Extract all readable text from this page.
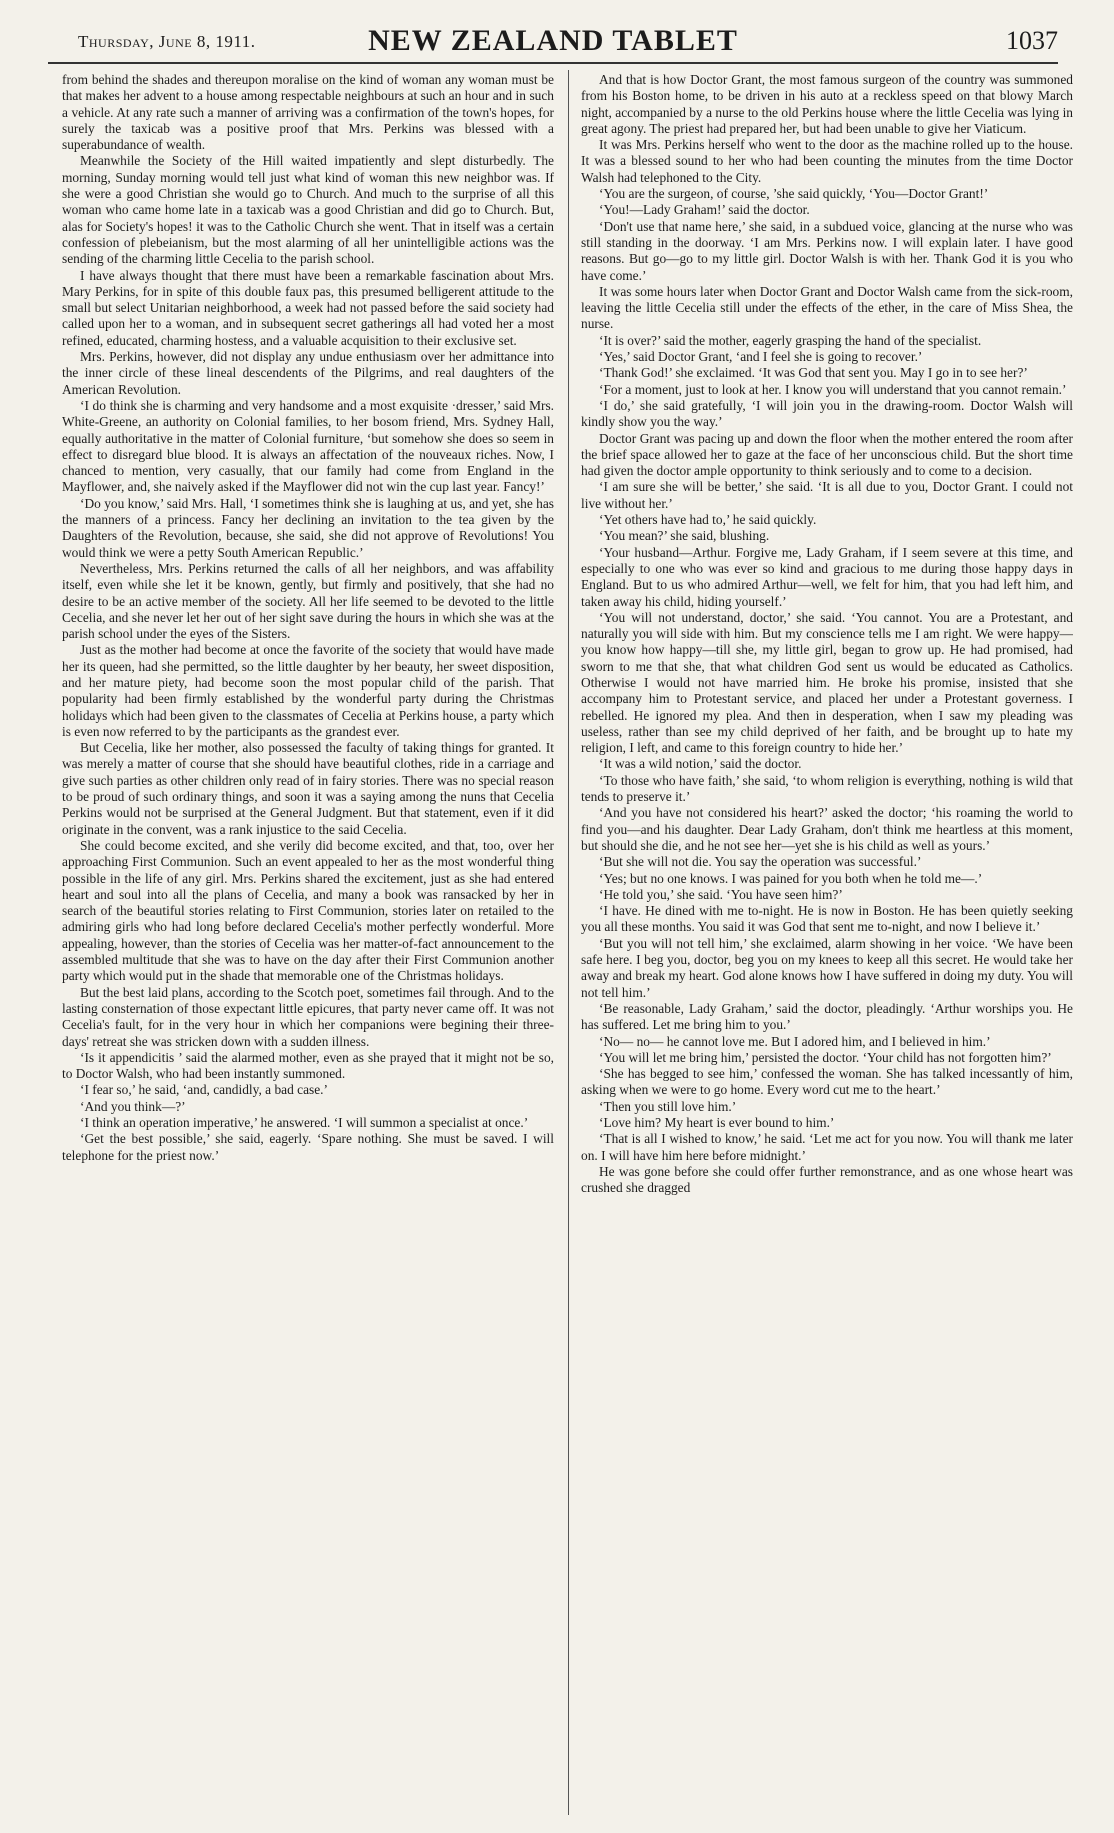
Thursday, June 8, 1911.	NEW ZEALAND TABLET	1037

from behind the shades and thereupon moralise on the kind of woman any woman must be that makes her advent to a house among respectable neighbours at such an hour and in such a vehicle. At any rate such a manner of arriving was a confirmation of the town's hopes, for surely the taxicab was a positive proof that Mrs. Perkins was blessed with a superabundance of wealth.

Meanwhile the Society of the Hill waited impatiently and slept disturbedly. The morning, Sunday morning would tell just what kind of woman this new neighbor was. If she were a good Christian she would go to Church. And much to the surprise of all this woman who came home late in a taxicab was a good Christian and did go to Church. But, alas for Society's hopes! it was to the Catholic Church she went. That in itself was a certain confession of plebeianism, but the most alarming of all her unintelligible actions was the sending of the charming little Cecelia to the parish school.

I have always thought that there must have been a remarkable fascination about Mrs. Mary Perkins, for in spite of this double faux pas, this presumed belligerent attitude to the small but select Unitarian neighborhood, a week had not passed before the said society had called upon her to a woman, and in subsequent secret gatherings all had voted her a most refined, educated, charming hostess, and a valuable acquisition to their exclusive set.

Mrs. Perkins, however, did not display any undue enthusiasm over her admittance into the inner circle of these lineal descendents of the Pilgrims, and real daughters of the American Revolution.

‘I do think she is charming and very handsome and a most exquisite ·dresser,’ said Mrs. White-Greene, an authority on Colonial families, to her bosom friend, Mrs. Sydney Hall, equally authoritative in the matter of Colonial furniture, ‘but somehow she does so seem in effect to disregard blue blood. It is always an affectation of the nouveaux riches. Now, I chanced to mention, very casually, that our family had come from England in the Mayflower, and, she naively asked if the Mayflower did not win the cup last year. Fancy!’

‘Do you know,’ said Mrs. Hall, ‘I sometimes think she is laughing at us, and yet, she has the manners of a princess. Fancy her declining an invitation to the tea given by the Daughters of the Revolution, because, she said, she did not approve of Revolutions! You would think we were a petty South American Republic.’

Nevertheless, Mrs. Perkins returned the calls of all her neighbors, and was affability itself, even while she let it be known, gently, but firmly and positively, that she had no desire to be an active member of the society. All her life seemed to be devoted to the little Cecelia, and she never let her out of her sight save during the hours in which she was at the parish school under the eyes of the Sisters.

Just as the mother had become at once the favorite of the society that would have made her its queen, had she permitted, so the little daughter by her beauty, her sweet disposition, and her mature piety, had become soon the most popular child of the parish. That popularity had been firmly established by the wonderful party during the Christmas holidays which had been given to the classmates of Cecelia at Perkins house, a party which is even now referred to by the participants as the grandest ever.

But Cecelia, like her mother, also possessed the faculty of taking things for granted. It was merely a matter of course that she should have beautiful clothes, ride in a carriage and give such parties as other children only read of in fairy stories. There was no special reason to be proud of such ordinary things, and soon it was a saying among the nuns that Cecelia Perkins would not be surprised at the General Judgment. But that statement, even if it did originate in the convent, was a rank injustice to the said Cecelia.

She could become excited, and she verily did become excited, and that, too, over her approaching First Communion. Such an event appealed to her as the most wonderful thing possible in the life of any girl. Mrs. Perkins shared the excitement, just as she had entered heart and soul into all the plans of Cecelia, and many a book was ransacked by her in search of the beautiful stories relating to First Communion, stories later on retailed to the admiring girls who had long before declared Cecelia's mother perfectly wonderful. More appealing, however, than the stories of Cecelia was her matter-of-fact announcement to the assembled multitude that she was to have on the day after their First Communion another party which would put in the shade that memorable one of the Christmas holidays.

But the best laid plans, according to the Scotch poet, sometimes fail through. And to the lasting consternation of those expectant little epicures, that party never came off. It was not Cecelia's fault, for in the very hour in which her companions were begining their three-days' retreat she was stricken down with a sudden illness.

‘Is it appendicitis ’ said the alarmed mother, even as she prayed that it might not be so, to Doctor Walsh, who had been instantly summoned.

‘I fear so,’ he said, ‘and, candidly, a bad case.’

‘And you think—?’

‘I think an operation imperative,’ he answered. ‘I will summon a specialist at once.’

‘Get the best possible,’ she said, eagerly. ‘Spare nothing. She must be saved. I will telephone for the priest now.’

And that is how Doctor Grant, the most famous surgeon of the country was summoned from his Boston home, to be driven in his auto at a reckless speed on that blowy March night, accompanied by a nurse to the old Perkins house where the little Cecelia was lying in great agony. The priest had prepared her, but had been unable to give her Viaticum.

It was Mrs. Perkins herself who went to the door as the machine rolled up to the house. It was a blessed sound to her who had been counting the minutes from the time Doctor Walsh had telephoned to the City.

‘You are the surgeon, of course, ’she said quickly, ‘You—Doctor Grant!’

‘You!—Lady Graham!’ said the doctor.

‘Don't use that name here,’ she said, in a subdued voice, glancing at the nurse who was still standing in the doorway. ‘I am Mrs. Perkins now. I will explain later. I have good reasons. But go—go to my little girl. Doctor Walsh is with her. Thank God it is you who have come.’

It was some hours later when Doctor Grant and Doctor Walsh came from the sick-room, leaving the little Cecelia still under the effects of the ether, in the care of Miss Shea, the nurse.

‘It is over?’ said the mother, eagerly grasping the hand of the specialist.

‘Yes,’ said Doctor Grant, ‘and I feel she is going to recover.’

‘Thank God!’ she exclaimed. ‘It was God that sent you. May I go in to see her?’

‘For a moment, just to look at her. I know you will understand that you cannot remain.’

‘I do,’ she said gratefully, ‘I will join you in the drawing-room. Doctor Walsh will kindly show you the way.’

Doctor Grant was pacing up and down the floor when the mother entered the room after the brief space allowed her to gaze at the face of her unconscious child. But the short time had given the doctor ample opportunity to think seriously and to come to a decision.

‘I am sure she will be better,’ she said. ‘It is all due to you, Doctor Grant. I could not live without her.’

‘Yet others have had to,’ he said quickly.

‘You mean?’ she said, blushing.

‘Your husband—Arthur. Forgive me, Lady Graham, if I seem severe at this time, and especially to one who was ever so kind and gracious to me during those happy days in England. But to us who admired Arthur—well, we felt for him, that you had left him, and taken away his child, hiding yourself.’

‘You will not understand, doctor,’ she said. ‘You cannot. You are a Protestant, and naturally you will side with him. But my conscience tells me I am right. We were happy—you know how happy—till she, my little girl, began to grow up. He had promised, had sworn to me that she, that what children God sent us would be educated as Catholics. Otherwise I would not have married him. He broke his promise, insisted that she accompany him to Protestant service, and placed her under a Protestant governess. I rebelled. He ignored my plea. And then in desperation, when I saw my pleading was useless, rather than see my child deprived of her faith, and be brought up to hate my religion, I left, and came to this foreign country to hide her.’

‘It was a wild notion,’ said the doctor.

‘To those who have faith,’ she said, ‘to whom religion is everything, nothing is wild that tends to preserve it.’

‘And you have not considered his heart?’ asked the doctor; ‘his roaming the world to find you—and his daughter. Dear Lady Graham, don't think me heartless at this moment, but should she die, and he not see her—yet she is his child as well as yours.’

‘But she will not die. You say the operation was successful.’

‘Yes; but no one knows. I was pained for you both when he told me—.’

‘He told you,’ she said. ‘You have seen him?’

‘I have. He dined with me to-night. He is now in Boston. He has been quietly seeking you all these months. You said it was God that sent me to-night, and now I believe it.’

‘But you will not tell him,’ she exclaimed, alarm showing in her voice. ‘We have been safe here. I beg you, doctor, beg you on my knees to keep all this secret. He would take her away and break my heart. God alone knows how I have suffered in doing my duty. You will not tell him.’

‘Be reasonable, Lady Graham,’ said the doctor, pleadingly. ‘Arthur worships you. He has suffered. Let me bring him to you.’

‘No— no— he cannot love me. But I adored him, and I believed in him.’

‘You will let me bring him,’ persisted the doctor. ‘Your child has not forgotten him?’

‘She has begged to see him,’ confessed the woman. She has talked incessantly of him, asking when we were to go home. Every word cut me to the heart.’

‘Then you still love him.’

‘Love him? My heart is ever bound to him.’

‘That is all I wished to know,’ he said. ‘Let me act for you now. You will thank me later on. I will have him here before midnight.’

He was gone before she could offer further remonstrance, and as one whose heart was crushed she dragged
